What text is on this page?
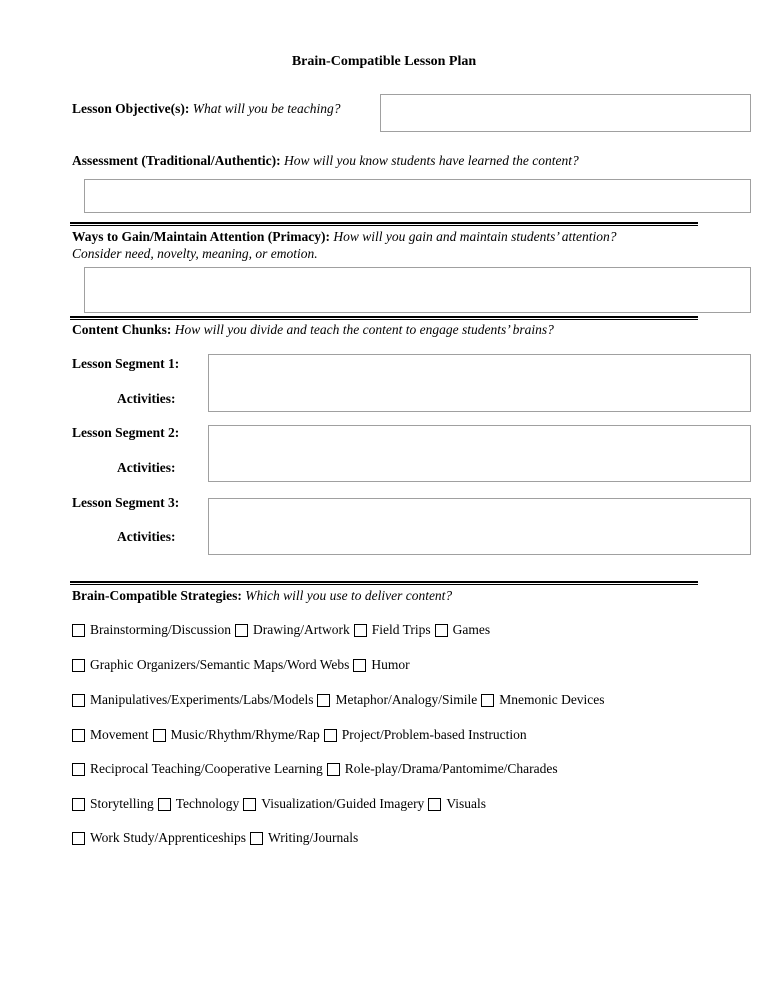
Brain-Compatible Lesson Plan
Lesson Objective(s): What will you be teaching?
Assessment (Traditional/Authentic): How will you know students have learned the content?
Ways to Gain/Maintain Attention (Primacy): How will you gain and maintain students’ attention?
Consider need, novelty, meaning, or emotion.
Content Chunks: How will you divide and teach the content to engage students’ brains?
Lesson Segment 1:
Activities:
Lesson Segment 2:
Activities:
Lesson Segment 3:
Activities:
Brain-Compatible Strategies: Which will you use to deliver content?
Brainstorming/Discussion Drawing/Artwork Field Trips Games
Graphic Organizers/Semantic Maps/Word Webs Humor
Manipulatives/Experiments/Labs/Models Metaphor/Analogy/Simile Mnemonic Devices
Movement Music/Rhythm/Rhyme/Rap Project/Problem-based Instruction
Reciprocal Teaching/Cooperative Learning Role-play/Drama/Pantomime/Charades
Storytelling Technology Visualization/Guided Imagery Visuals
Work Study/Apprenticeships Writing/Journals
